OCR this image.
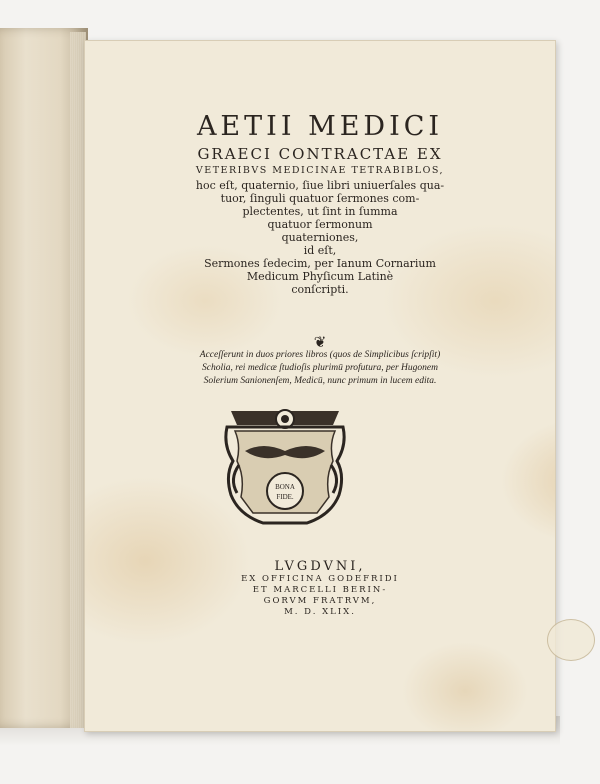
AETII MEDICI
GRAECI CONTRACTAE EX
VETERIBVS MEDICINAE TETRABIBLOS,
hoc eſt, quaternio, ſiue libri uniuerſales qua-
tuor, ſinguli quatuor ſermones com-
plectentes, ut ſint in ſumma
quatuor ſermonum
quaterniones,
id eſt,
Sermones ſedecim, per Ianum Cornarium
Medicum Phyſicum Latinè
conſcripti.
❦
Acceſſerunt in duos priores libros (quos de Simplicibus ſcripſit)
Scholia, rei medicæ ſtudioſis plurimū profutura, per Hugonem
Solerium Sanionenſem, Medicū, nunc primum in lucem edita.
BONA
FIDE.
LVGDVNI,
EX OFFICINA GODEFRIDI
ET MARCELLI BERIN-
GORVM FRATRVM,
M. D. XLIX.
